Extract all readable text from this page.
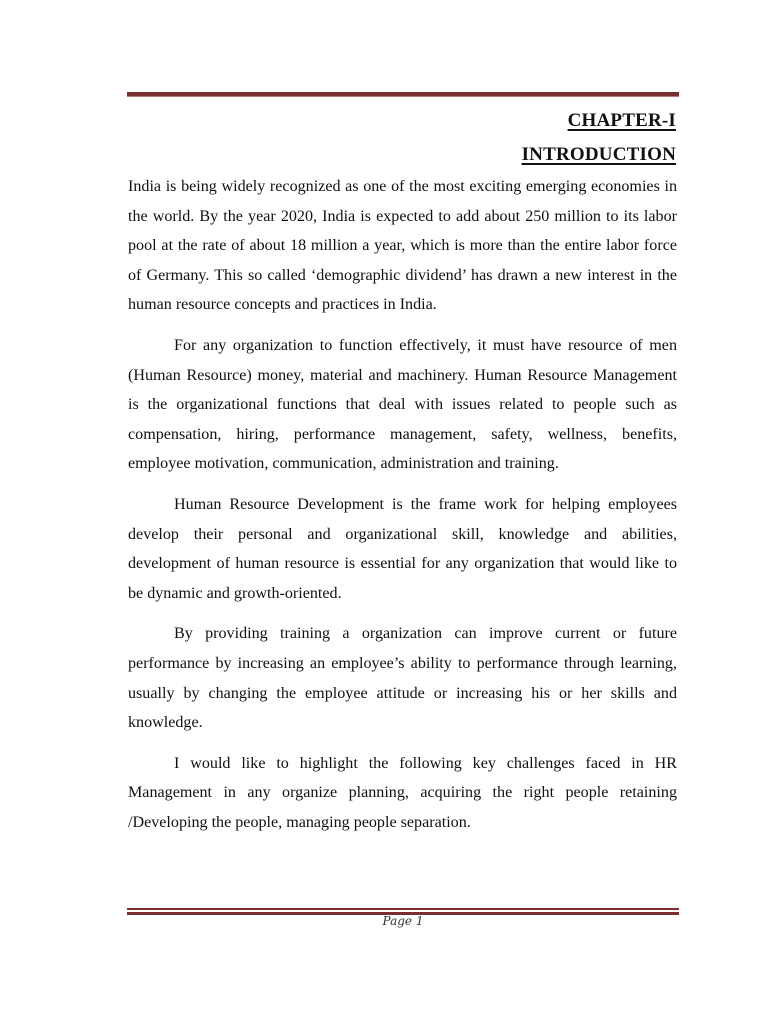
CHAPTER-I
INTRODUCTION

India is being widely recognized as one of the most exciting emerging economies in the world. By the year 2020, India is expected to add about 250 million to its labor pool at the rate of about 18 million a year, which is more than the entire labor force of Germany. This so called ‘demographic dividend’ has drawn a new interest in the human resource concepts and practices in India.

For any organization to function effectively, it must have resource of men (Human Resource) money, material and machinery. Human Resource Management is the organizational functions that deal with issues related to people such as compensation, hiring, performance management, safety, wellness, benefits, employee motivation, communication, administration and training.

Human Resource Development is the frame work for helping employees develop their personal and organizational skill, knowledge and abilities, development of human resource is essential for any organization that would like to be dynamic and growth-oriented.

By providing training a organization can improve current or future performance by increasing an employee’s ability to performance through learning, usually by changing the employee attitude or increasing his or her skills and knowledge.

I would like to highlight the following key challenges faced in HR Management in any organize planning, acquiring the right people retaining /Developing the people, managing people separation.

Page 1
